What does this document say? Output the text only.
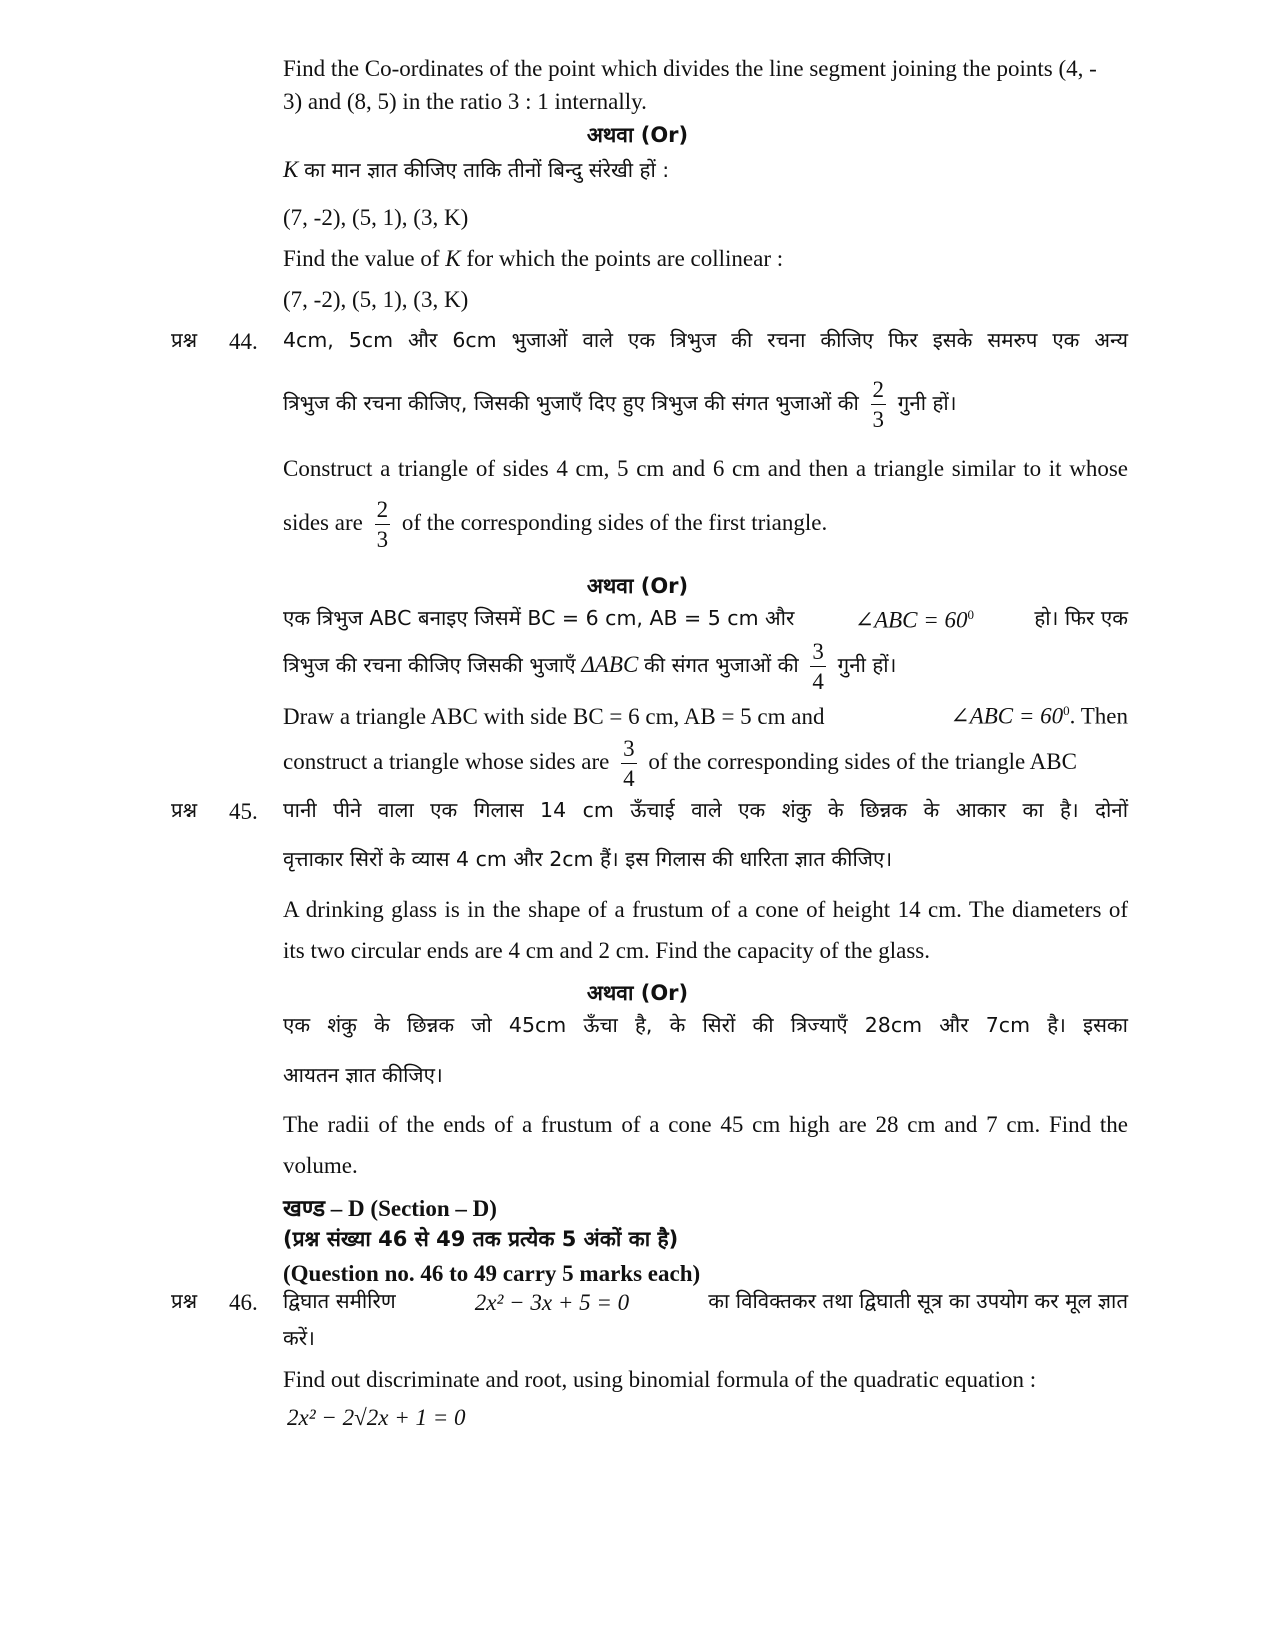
Find the Co-ordinates of the point which divides the line segment joining the points (4, -
3) and (8, 5) in the ratio 3 : 1 internally.
अथवा (Or)
K का मान ज्ञात कीजिए ताकि तीनों बिन्दु संरेखी हों :
(7, -2), (5, 1), (3, K)
Find the value of K for which the points are collinear :
(7, -2), (5, 1), (3, K)
प्रश्न 44. 4cm, 5cm और 6cm भुजाओं वाले एक त्रिभुज की रचना कीजिए फिर इसके समरुप एक अन्य
त्रिभुज की रचना कीजिए, जिसकी भुजाएँ दिए हुए त्रिभुज की संगत भुजाओं की $\frac{2}{3}$ गुनी हों।
Construct a triangle of sides 4 cm, 5 cm and 6 cm and then a triangle similar to it whose
sides are $\frac{2}{3}$ of the corresponding sides of the first triangle.
अथवा (Or)
एक त्रिभुज ABC बनाइए जिसमें BC = 6 cm, AB = 5 cm और	∠ABC = $60^0$	हो। फिर एक
त्रिभुज की रचना कीजिए जिसकी भुजाएँ ΔABC की संगत भुजाओं की $\frac{3}{4}$ गुनी हों।
Draw a triangle ABC with side BC = 6 cm, AB = 5 cm and	∠ABC = $60^0$. Then
construct a triangle whose sides are $\frac{3}{4}$ of the corresponding sides of the triangle ABC
प्रश्न 45. पानी पीने वाला एक गिलास 14 cm ऊँचाई वाले एक शंकु के छिन्नक के आकार का है। दोनों
वृत्ताकार सिरों के व्यास 4 cm और 2cm हैं। इस गिलास की धारिता ज्ञात कीजिए।
A drinking glass is in the shape of a frustum of a cone of height 14 cm. The diameters of
its two circular ends are 4 cm and 2 cm. Find the capacity of the glass.
अथवा (Or)
एक शंकु के छिन्नक जो 45cm ऊँचा है, के सिरों की त्रिज्याएँ 28cm और 7cm है। इसका
आयतन ज्ञात कीजिए।
The radii of the ends of a frustum of a cone 45 cm high are 28 cm and 7 cm. Find the
volume.
खण्ड – D (Section – D)
(प्रश्न संख्या 46 से 49 तक प्रत्येक 5 अंकों का है)
(Question no. 46 to 49 carry 5 marks each)
प्रश्न 46. द्विघात समीरिण	2x² − 3x + 5 = 0	का विविक्तकर तथा द्विघाती सूत्र का उपयोग कर मूल ज्ञात
करें।
Find out discriminate and root, using binomial formula of the quadratic equation :
2x² − 2√2x + 1 = 0
